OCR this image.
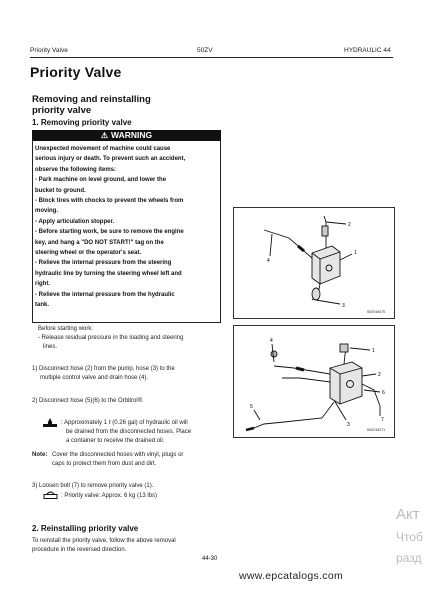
Priority Valve	50ZV	HYDRAULIC 44
Priority Valve
Removing and reinstalling
priority valve
1. Removing priority valve
⚠ WARNING
Unexpected movement of machine could cause
serious injury or death. To prevent such an accident,
observe the following items:
- Park machine on level ground, and lower the
bucket to ground.
- Block tires with chocks to prevent the wheels from
moving.
- Apply articulation stopper.
- Before starting work, be sure to remove the engine
key, and hang a "DO NOT START!" tag on the
steering wheel or the operator's seat.
- Relieve the internal pressure from the steering
hydraulic line by turning the steering wheel left and
right.
- Relieve the internal pressure from the hydraulic
tank.
Before starting work:
- Release residual pressure in the loading and steering
lines.
1) Disconnect hose (2) from the pump, hose (3) to the
multiple control valve and drain hose (4).
2) Disconnect hose (5)(6) to the Orbitrol®.
: Approximately 1 ℓ (0.26 gal) of hydraulic oil will
be drained from the disconnected hoses. Place
a container to receive the drained oil.
Note: Cover the disconnected hoses with vinyl, plugs or
caps to protect them from dust and dirt.
3) Loosen bolt (7) to remove priority valve (1).
: Priority valve: Approx. 6 kg (13 lbs)
2. Reinstalling priority valve
To reinstall the priority valve, follow the above removal
procedure in the reversed direction.
44-30
1
2
3
4
50ZV44070
1
2
3
4
5
6
7
50ZV44071
Акт
Чтоб
разд
www.epcatalogs.com
